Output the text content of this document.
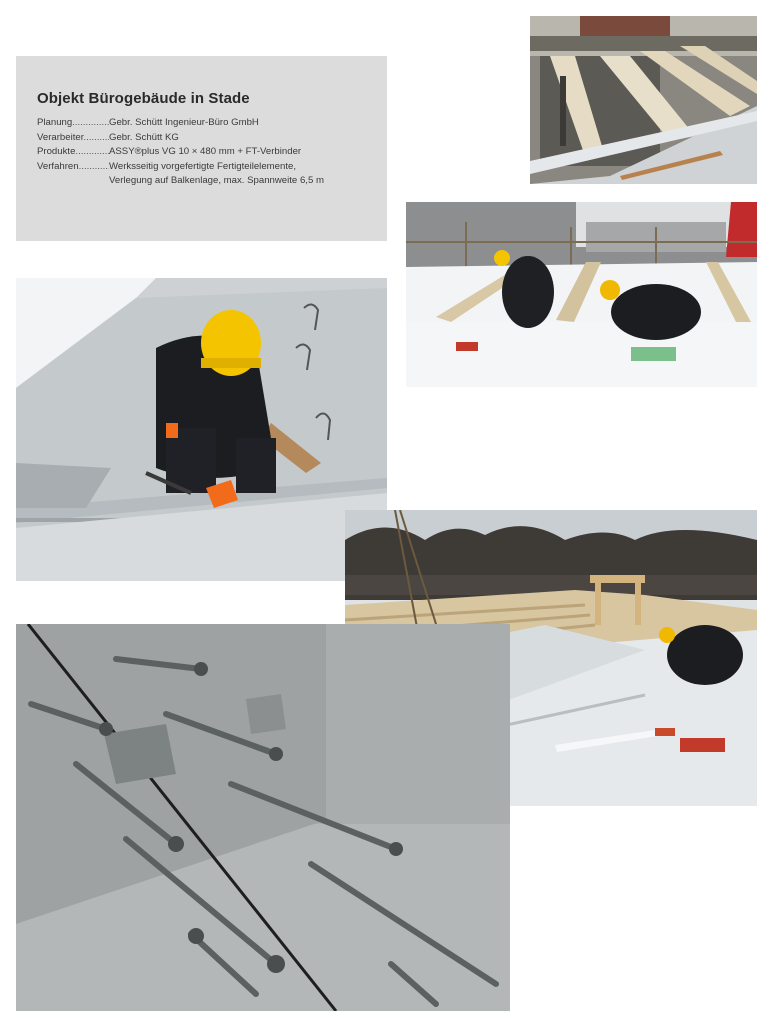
Objekt Bürogebäude in Stade
Planung .....	Gebr. Schütt Ingenieur-Büro GmbH
Verarbeiter .....	Gebr. Schütt KG
Produkte .....	ASSY®plus VG 10 × 480 mm + FT-Verbinder
Verfahren .....	Werksseitig vorgefertigte Fertigteilelemente,
Verlegung auf Balkenlage, max. Spannweite 6,5 m
